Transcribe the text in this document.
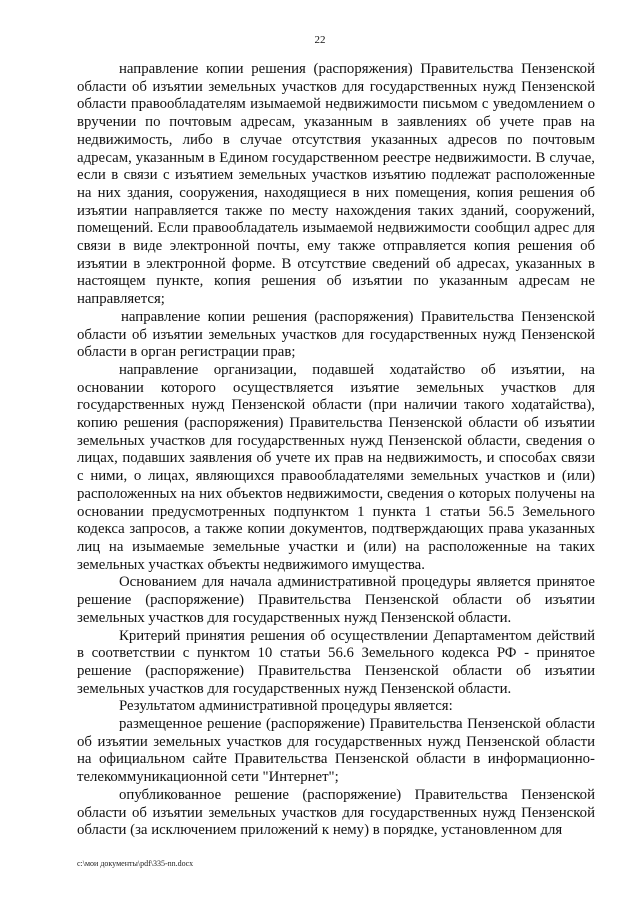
22

направление копии решения (распоряжения) Правительства Пензенской области об изъятии земельных участков для государственных нужд Пензенской области правообладателям изымаемой недвижимости письмом с уведомлением о вручении по почтовым адресам, указанным в заявлениях об учете прав на недвижимость, либо в случае отсутствия указанных адресов по почтовым адресам, указанным в Едином государственном реестре недвижимости. В случае, если в связи с изъятием земельных участков изъятию подлежат расположенные на них здания, сооружения, находящиеся в них помещения, копия решения об изъятии направляется также по месту нахождения таких зданий, сооружений, помещений. Если правообладатель изымаемой недвижимости сообщил адрес для связи в виде электронной почты, ему также отправляется копия решения об изъятии в электронной форме. В отсутствие сведений об адресах, указанных в настоящем пункте, копия решения об изъятии по указанным адресам не направляется;

направление копии решения (распоряжения) Правительства Пензенской области об изъятии земельных участков для государственных нужд Пензенской области в орган регистрации прав;

направление организации, подавшей ходатайство об изъятии, на основании которого осуществляется изъятие земельных участков для государственных нужд Пензенской области (при наличии такого ходатайства), копию решения (распоряжения) Правительства Пензенской области об изъятии земельных участков для государственных нужд Пензенской области, сведения о лицах, подавших заявления об учете их прав на недвижимость, и способах связи с ними, о лицах, являющихся правообладателями земельных участков и (или) расположенных на них объектов недвижимости, сведения о которых получены на основании предусмотренных подпунктом 1 пункта 1 статьи 56.5 Земельного кодекса запросов, а также копии документов, подтверждающих права указанных лиц на изымаемые земельные участки и (или) на расположенные на таких земельных участках объекты недвижимого имущества.

Основанием для начала административной процедуры является принятое решение (распоряжение) Правительства Пензенской области об изъятии земельных участков для государственных нужд Пензенской области.

Критерий принятия решения об осуществлении Департаментом действий в соответствии с пунктом 10 статьи 56.6 Земельного кодекса РФ - принятое решение (распоряжение) Правительства Пензенской области об изъятии земельных участков для государственных нужд Пензенской области.

Результатом административной процедуры является:

размещенное решение (распоряжение) Правительства Пензенской области об изъятии земельных участков для государственных нужд Пензенской области на официальном сайте Правительства Пензенской области в информационно-телекоммуникационной сети "Интернет";

опубликованное решение (распоряжение) Правительства Пензенской области об изъятии земельных участков для государственных нужд Пензенской области (за исключением приложений к нему) в порядке, установленном для

c:\мои документы\pdf\335-nn.docx
